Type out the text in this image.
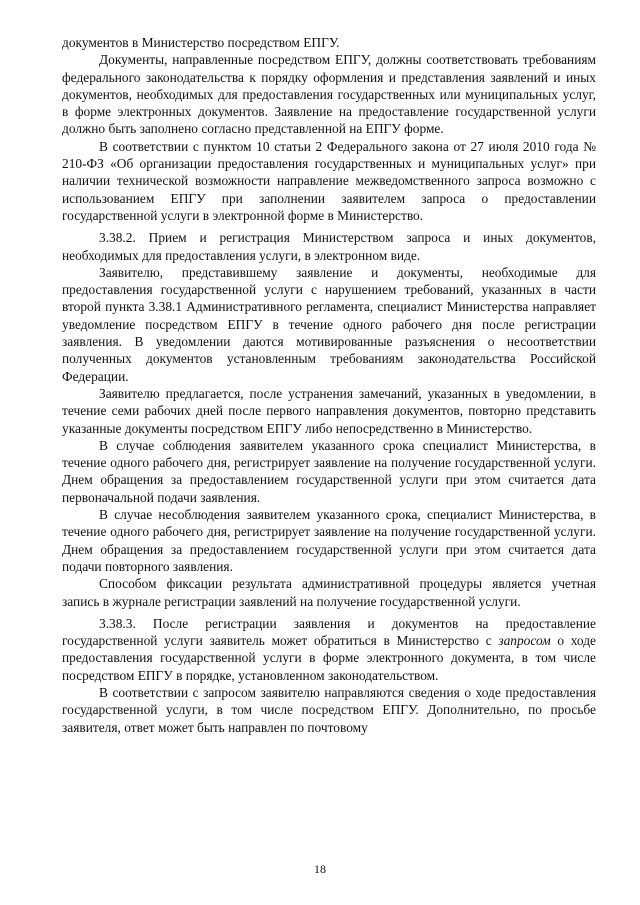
документов в Министерство посредством ЕПГУ.

Документы, направленные посредством ЕПГУ, должны соответствовать требованиям федерального законодательства к порядку оформления и представления заявлений и иных документов, необходимых для предоставления государственных или муниципальных услуг, в форме электронных документов. Заявление на предоставление государственной услуги должно быть заполнено согласно представленной на ЕПГУ форме.

В соответствии с пунктом 10 статьи 2 Федерального закона от 27 июля 2010 года № 210-ФЗ «Об организации предоставления государственных и муниципальных услуг» при наличии технической возможности направление межведомственного запроса возможно с использованием ЕПГУ при заполнении заявителем запроса о предоставлении государственной услуги в электронной форме в Министерство.

3.38.2. Прием и регистрация Министерством запроса и иных документов, необходимых для предоставления услуги, в электронном виде.

Заявителю, представившему заявление и документы, необходимые для предоставления государственной услуги с нарушением требований, указанных в части второй пункта 3.38.1 Административного регламента, специалист Министерства направляет уведомление посредством ЕПГУ в течение одного рабочего дня после регистрации заявления. В уведомлении даются мотивированные разъяснения о несоответствии полученных документов установленным требованиям законодательства Российской Федерации.

Заявителю предлагается, после устранения замечаний, указанных в уведомлении, в течение семи рабочих дней после первого направления документов, повторно представить указанные документы посредством ЕПГУ либо непосредственно в Министерство.

В случае соблюдения заявителем указанного срока специалист Министерства, в течение одного рабочего дня, регистрирует заявление на получение государственной услуги. Днем обращения за предоставлением государственной услуги при этом считается дата первоначальной подачи заявления.

В случае несоблюдения заявителем указанного срока, специалист Министерства, в течение одного рабочего дня, регистрирует заявление на получение государственной услуги. Днем обращения за предоставлением государственной услуги при этом считается дата подачи повторного заявления.

Способом фиксации результата административной процедуры является учетная запись в журнале регистрации заявлений на получение государственной услуги.

3.38.3. После регистрации заявления и документов на предоставление государственной услуги заявитель может обратиться в Министерство с запросом о ходе предоставления государственной услуги в форме электронного документа, в том числе посредством ЕПГУ в порядке, установленном законодательством.

В соответствии с запросом заявителю направляются сведения о ходе предоставления государственной услуги, в том числе посредством ЕПГУ. Дополнительно, по просьбе заявителя, ответ может быть направлен по почтовому

18
